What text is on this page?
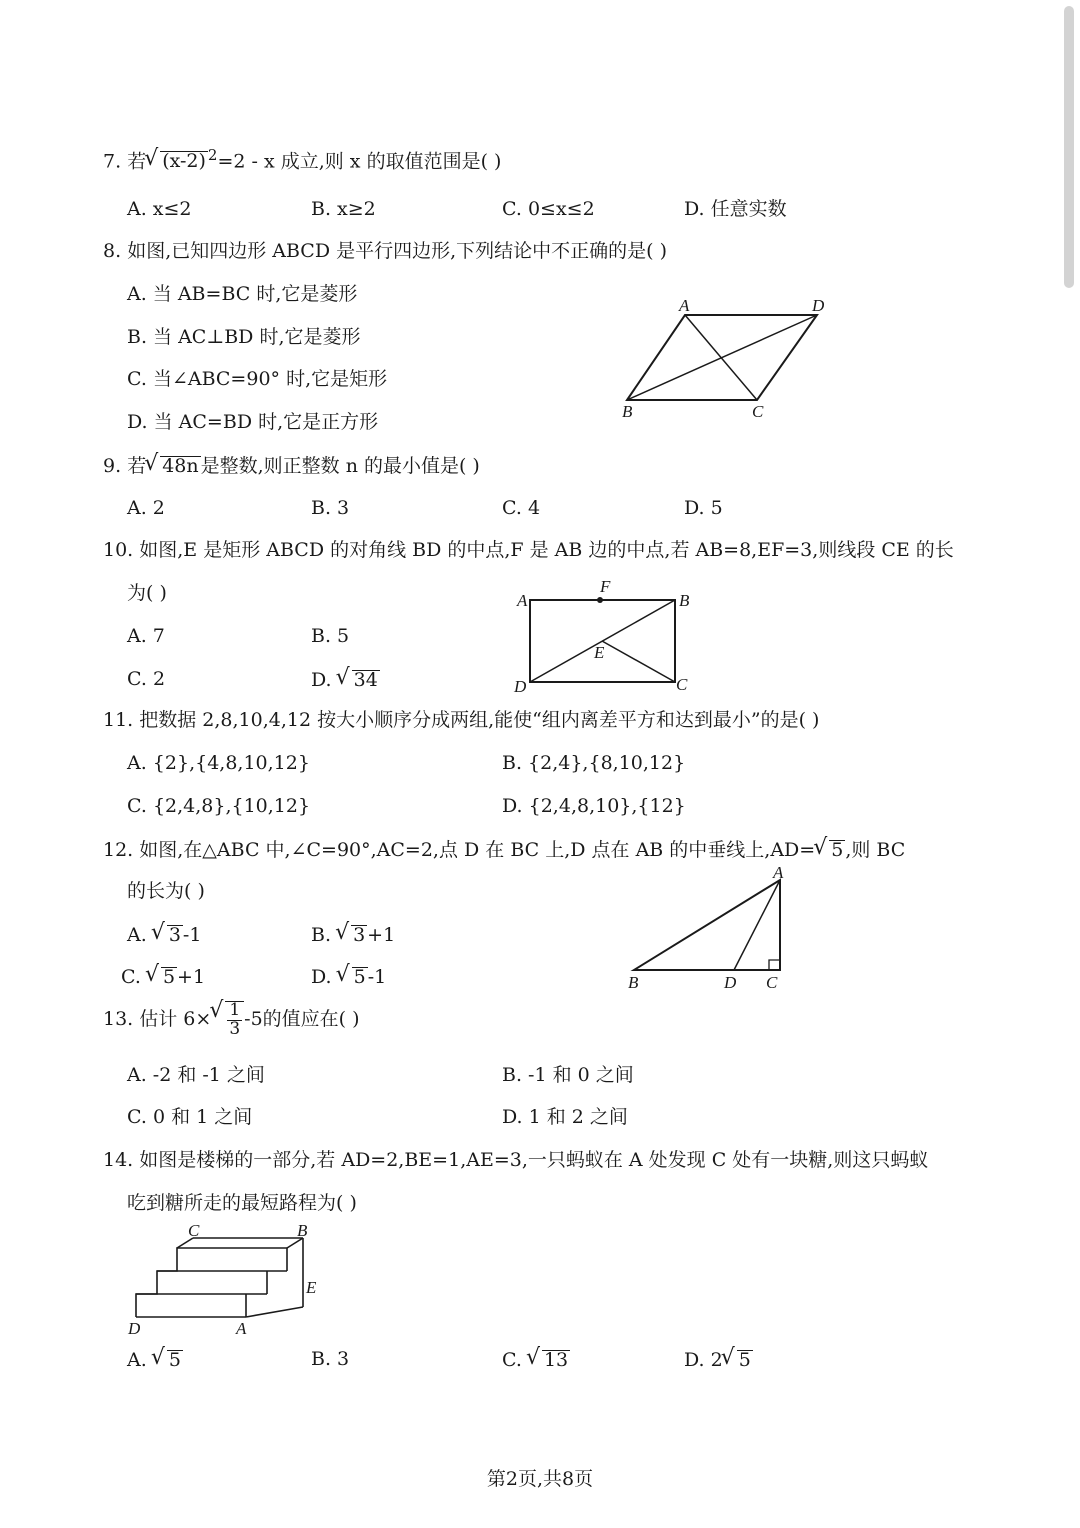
7. 若 √ (x-2) $^2$=2 - x 成立,则 x 的取值范围是( )
A. x≤2	B. x≥2	C. 0≤x≤2	D. 任意实数
8. 如图,已知四边形 ABCD 是平行四边形,下列结论中不正确的是( )
A. 当 AB=BC 时,它是菱形
B. 当 AC⊥BD 时,它是菱形
C. 当∠ABC=90° 时,它是矩形
D. 当 AC=BD 时,它是正方形
A	D
B	C
9. 若 √ 48n 是整数,则正整数 n 的最小值是( )
A. 2	B. 3	C. 4	D. 5
10. 如图,E 是矩形 ABCD 的对角线 BD 的中点,F 是 AB 边的中点,若 AB=8,EF=3,则线段 CE 的长
为( )
A. 7	B. 5
C. 2	D. √ 34
A
F
B
E
D	C
11. 把数据 2,8,10,4,12 按大小顺序分成两组,能使“组内离差平方和达到最小”的是( )
A. {2},{4,8,10,12}	B. {2,4},{8,10,12}
C. {2,4,8},{10,12}	D. {2,4,8,10},{12}
12. 如图,在△ABC 中,∠C=90°,AC=2,点 D 在 BC 上,D 点在 AB 的中垂线上,AD= √ 5 ,则 BC
的长为( )
A. √ 3 -1	B. √ 3 +1
C. √ 5 +1	D. √ 5 -1
A
B	D C
13. 估计 6× √ $\frac{1}{3} -5$的值应在( )
A. -2 和 -1 之间	B. -1 和 0 之间
C. 0 和 1 之间	D. 1 和 2 之间
14. 如图是楼梯的一部分,若 AD=2,BE=1,AE=3,一只蚂蚁在 A 处发现 C 处有一块糖,则这只蚂蚁
吃到糖所走的最短路程为( )
C	B
E
D	A
A. √ 5	B. 3	C. √ 13	D. 2 √ 5
第2页,共8页
